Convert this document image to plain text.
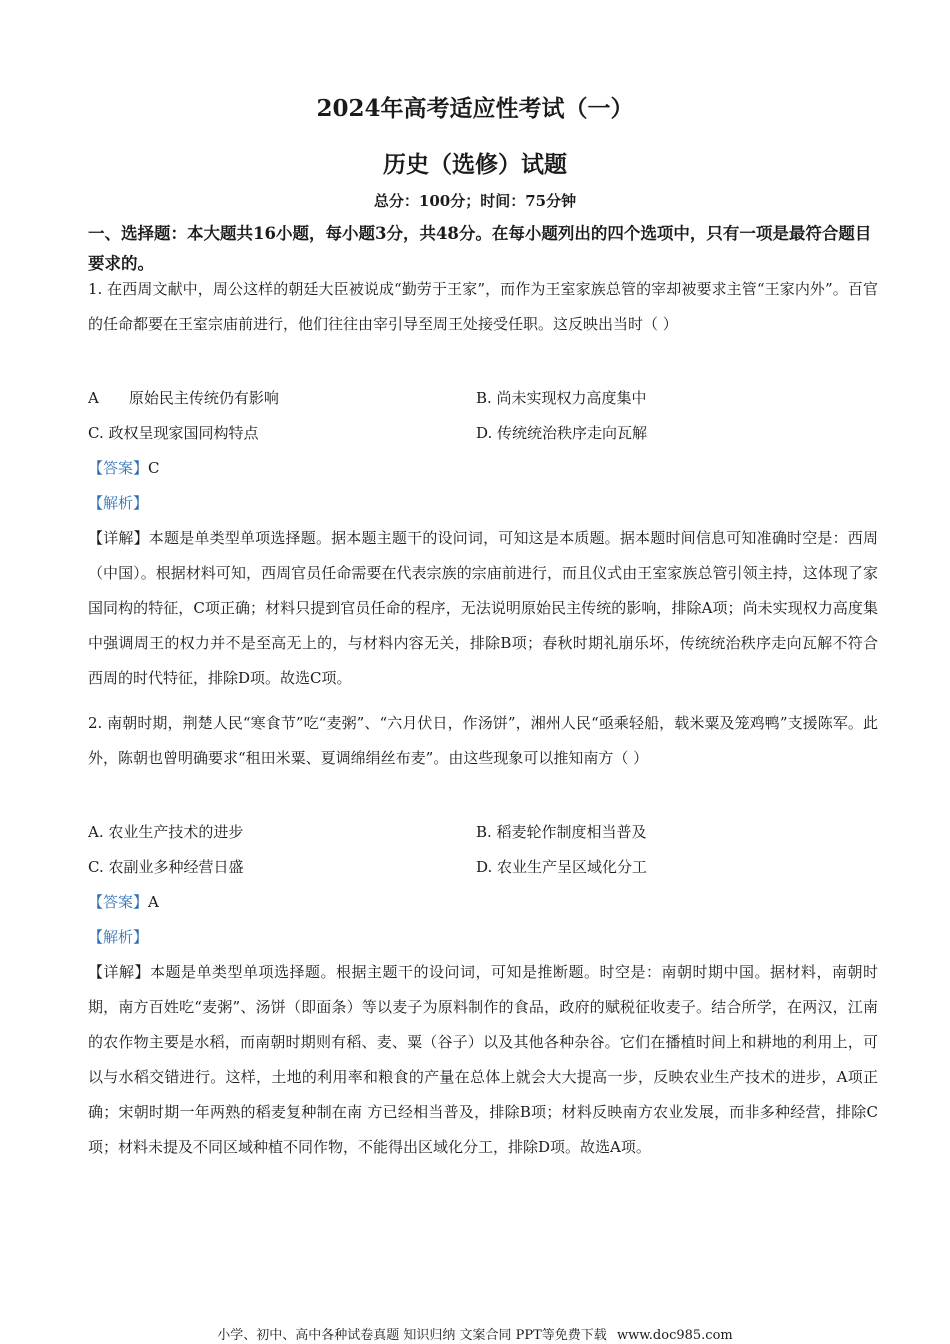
2024年高考适应性考试（一）
历史（选修）试题
总分：100分；时间：75分钟
一、选择题：本大题共16小题，每小题3分，共48分。在每小题列出的四个选项中，只有一项是最符合题目要求的。
1. 在西周文献中，周公这样的朝廷大臣被说成“勤劳于王家”，而作为王室家族总管的宰却被要求主管“王家内外”。百官的任命都要在王室宗庙前进行，他们往往由宰引导至周王处接受任职。这反映出当时（ ）
A　　原始民主传统仍有影响	B. 尚未实现权力高度集中
C. 政权呈现家国同构特点	D. 传统统治秩序走向瓦解
【答案】C
【解析】
【详解】本题是单类型单项选择题。据本题主题干的设问词，可知这是本质题。据本题时间信息可知准确时空是：西周（中国）。根据材料可知，西周官员任命需要在代表宗族的宗庙前进行，而且仪式由王室家族总管引领主持，这体现了家国同构的特征，C项正确；材料只提到官员任命的程序，无法说明原始民主传统的影响，排除A项；尚未实现权力高度集中强调周王的权力并不是至高无上的，与材料内容无关，排除B项；春秋时期礼崩乐坏，传统统治秩序走向瓦解不符合西周的时代特征，排除D项。故选C项。
2. 南朝时期，荆楚人民“寒食节”吃“麦粥”、“六月伏日，作汤饼”，湘州人民“亟乘轻船，载米粟及笼鸡鸭”支援陈军。此外，陈朝也曾明确要求“租田米粟、夏调绵绢丝布麦”。由这些现象可以推知南方（ ）
A. 农业生产技术的进步	B. 稻麦轮作制度相当普及
C. 农副业多种经营日盛	D. 农业生产呈区域化分工
【答案】A
【解析】
【详解】本题是单类型单项选择题。根据主题干的设问词，可知是推断题。时空是：南朝时期中国。据材料，南朝时期，南方百姓吃“麦粥”、汤饼（即面条）等以麦子为原料制作的食品，政府的赋税征收麦子。结合所学，在两汉，江南的农作物主要是水稻，而南朝时期则有稻、麦、粟（谷子）以及其他各种杂谷。它们在播植时间上和耕地的利用上，可以与水稻交错进行。这样，土地的利用率和粮食的产量在总体上就会大大提高一步，反映农业生产技术的进步，A项正确；宋朝时期一年两熟的稻麦复种制在南 方已经相当普及，排除B项；材料反映南方农业发展，而非多种经营，排除C项；材料未提及不同区域种植不同作物，不能得出区域化分工，排除D项。故选A项。
小学、初中、高中各种试卷真题 知识归纳 文案合同 PPT等免费下载 www.doc985.com
